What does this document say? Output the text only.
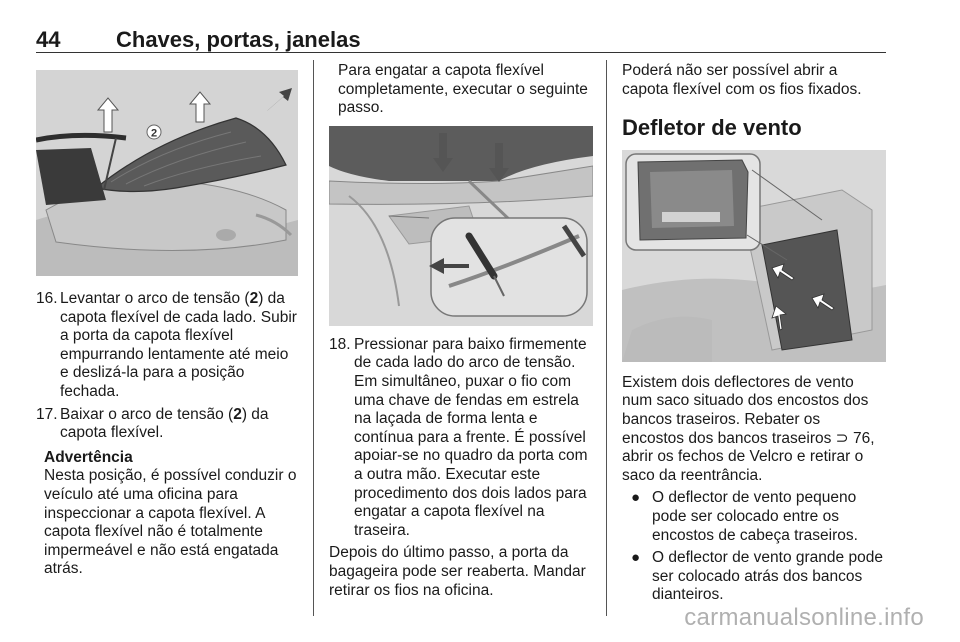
44	Chaves, portas, janelas
2
16. Levantar o arco de tensão (2) da capota flexível de cada lado. Subir a porta da capota flexível empurrando lentamente até meio e deslizá-la para a posição fechada.
17. Baixar o arco de tensão (2) da capota flexível.

Advertência

Nesta posição, é possível conduzir o veículo até uma oficina para inspeccionar a capota flexível. A capota flexível não é totalmente impermeável e não está engatada atrás.

Para engatar a capota flexível completamente, executar o seguinte passo.

18. Pressionar para baixo firmemente de cada lado do arco de tensão. Em simultâneo, puxar o fio com uma chave de fendas em estrela na laçada de forma lenta e contínua para a frente. É possível apoiar-se no quadro da porta com a outra mão. Executar este procedimento dos dois lados para engatar a capota flexível na traseira.

Depois do último passo, a porta da bagageira pode ser reaberta. Mandar retirar os fios na oficina.

Poderá não ser possível abrir a capota flexível com os fios fixados.

Defletor de vento

Existem dois deflectores de vento num saco situado dos encostos dos bancos traseiros. Rebater os encostos dos bancos traseiros ⊃ 76, abrir os fechos de Velcro e retirar o saco da reentrância.

● O deflector de vento pequeno pode ser colocado entre os encostos de cabeça traseiros.
● O deflector de vento grande pode ser colocado atrás dos bancos dianteiros.
carmanualsonline.info
